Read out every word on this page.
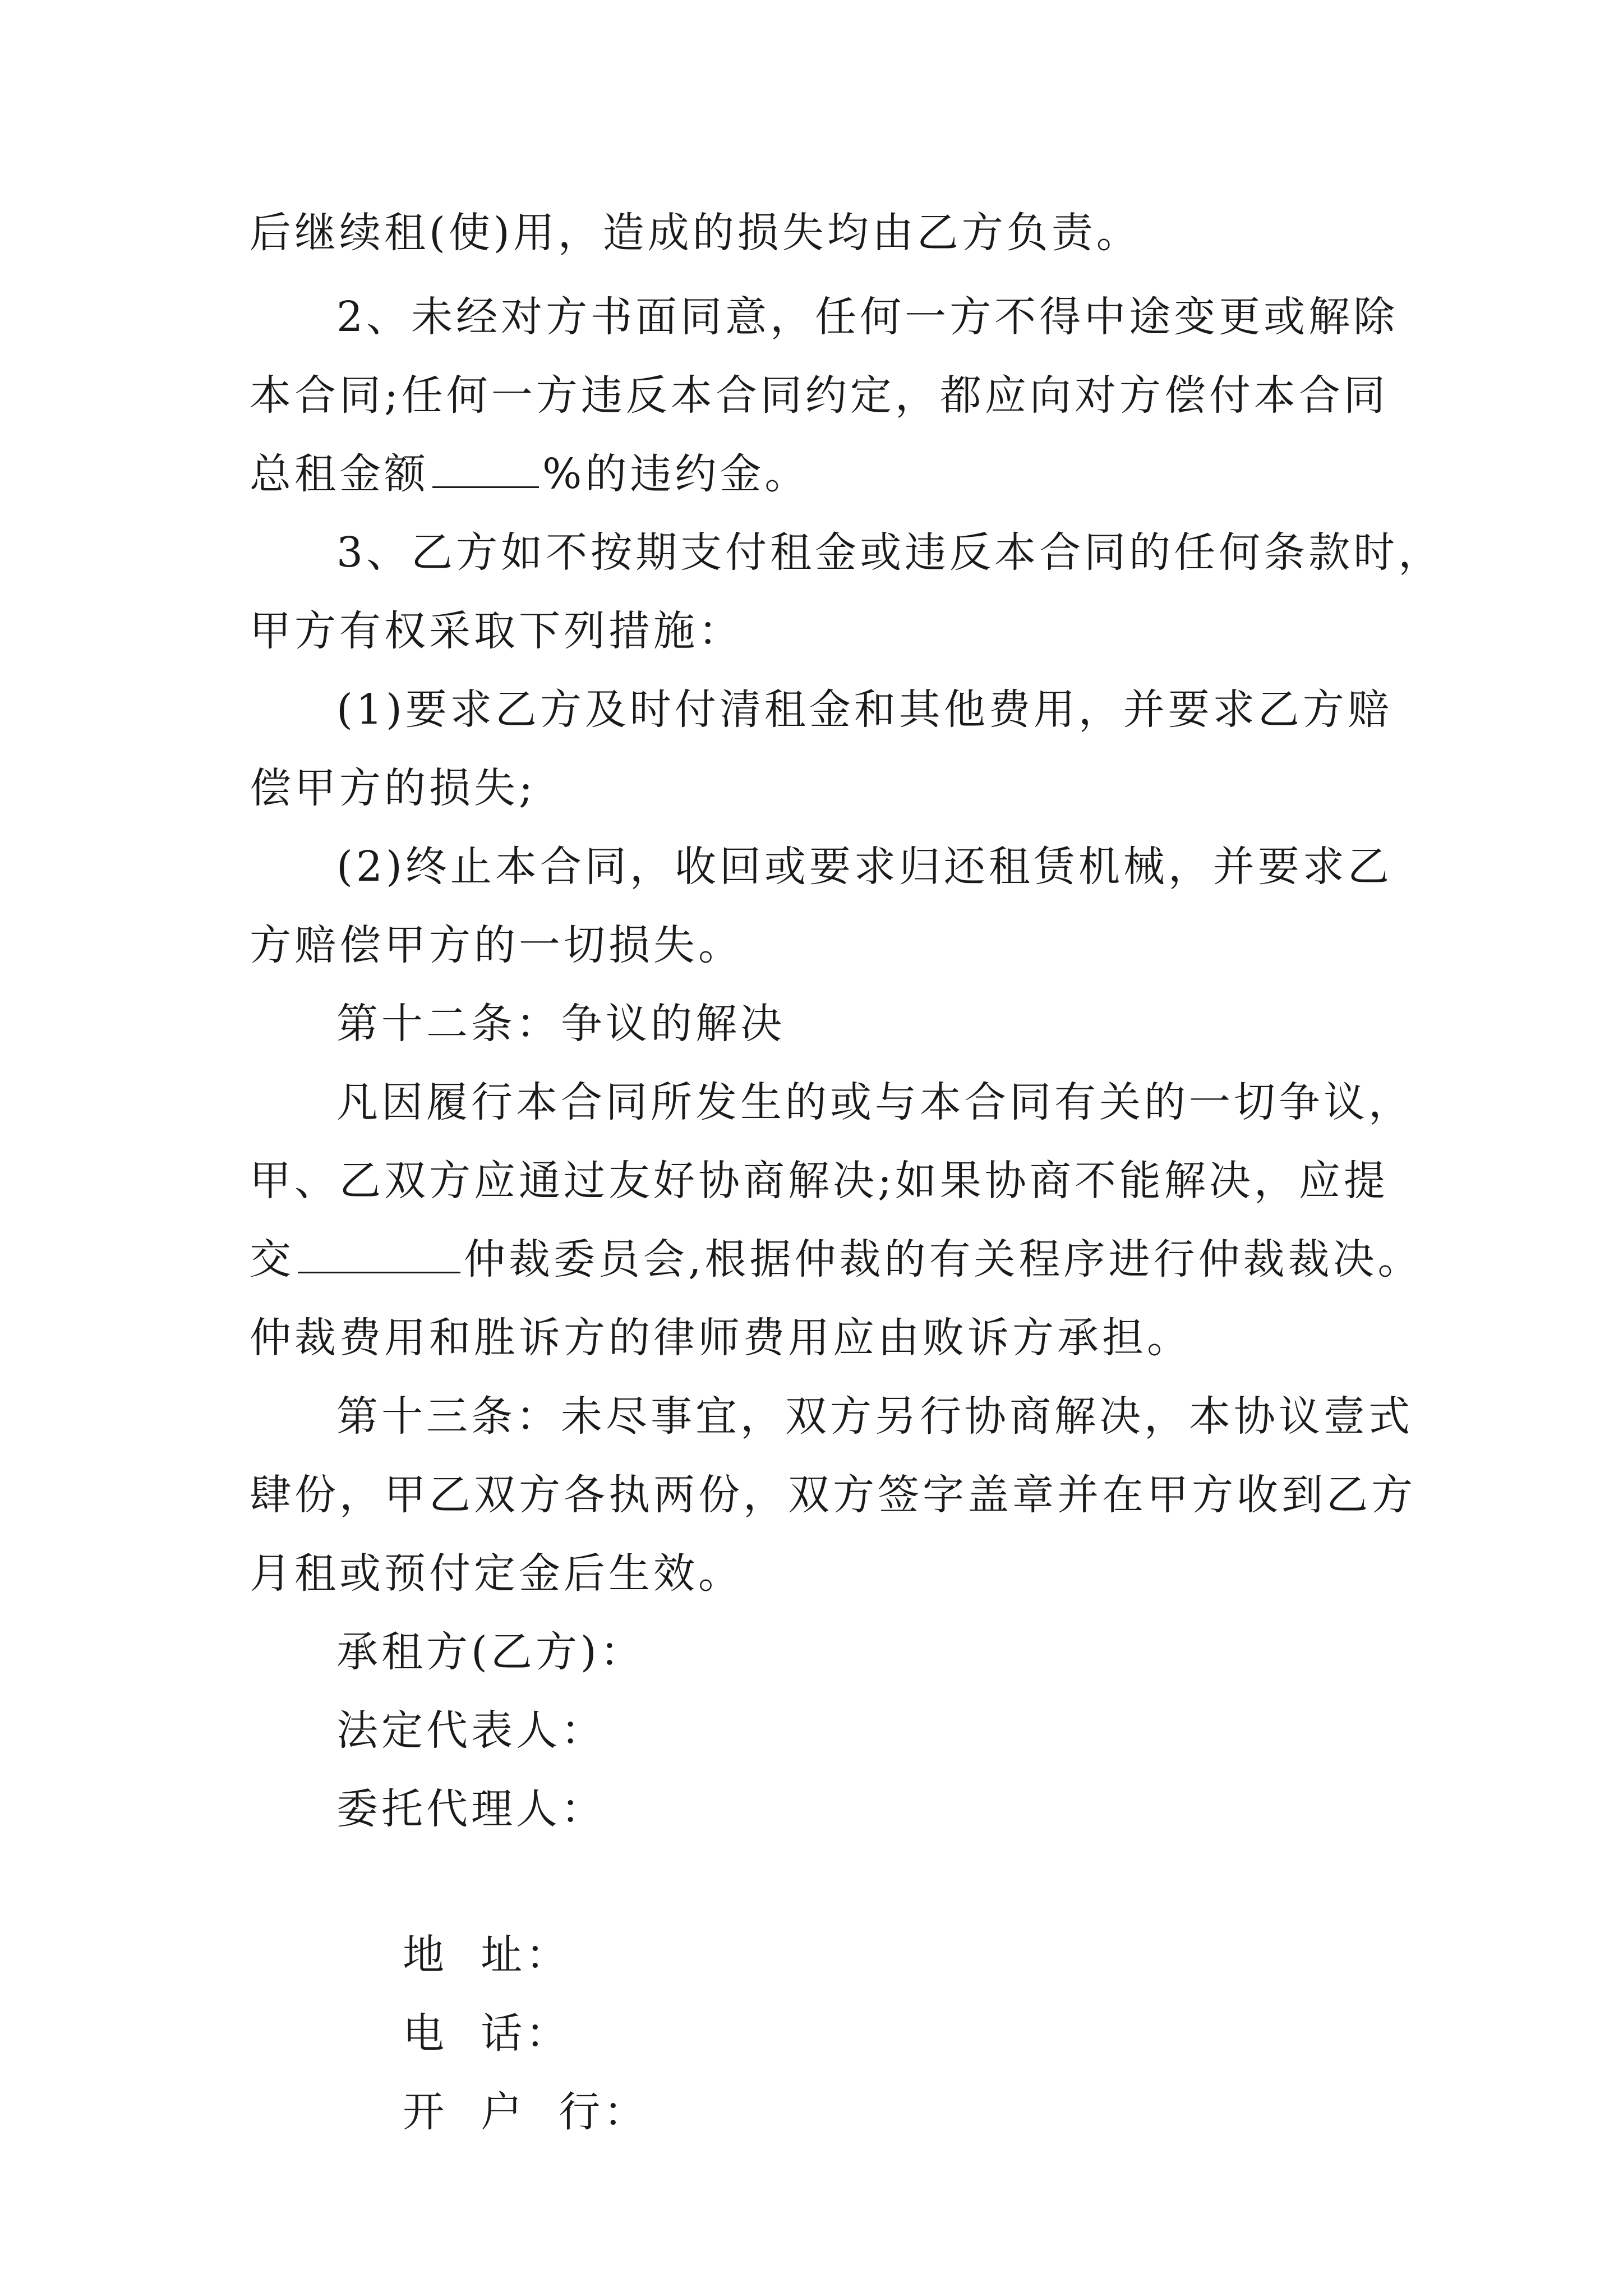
后继续租(使)用，造成的损失均由乙方负责。
2、未经对方书面同意，任何一方不得中途变更或解除
本合同;任何一方违反本合同约定，都应向对方偿付本合同
总租金额	%的违约金。
3、乙方如不按期支付租金或违反本合同的任何条款时，
甲方有权采取下列措施：
(1)要求乙方及时付清租金和其他费用，并要求乙方赔
偿甲方的损失;
(2)终止本合同，收回或要求归还租赁机械，并要求乙
方赔偿甲方的一切损失。
第十二条：争议的解决
凡因履行本合同所发生的或与本合同有关的一切争议，
甲、乙双方应通过友好协商解决;如果协商不能解决，应提
交	仲裁委员会,根据仲裁的有关程序进行仲裁裁决。
仲裁费用和胜诉方的律师费用应由败诉方承担。
第十三条：未尽事宜，双方另行协商解决，本协议壹式
肆份，甲乙双方各执两份，双方签字盖章并在甲方收到乙方
月租或预付定金后生效。
承租方(乙方)：
法定代表人：
委托代理人：

地  址：

电  话：

开  户  行：
